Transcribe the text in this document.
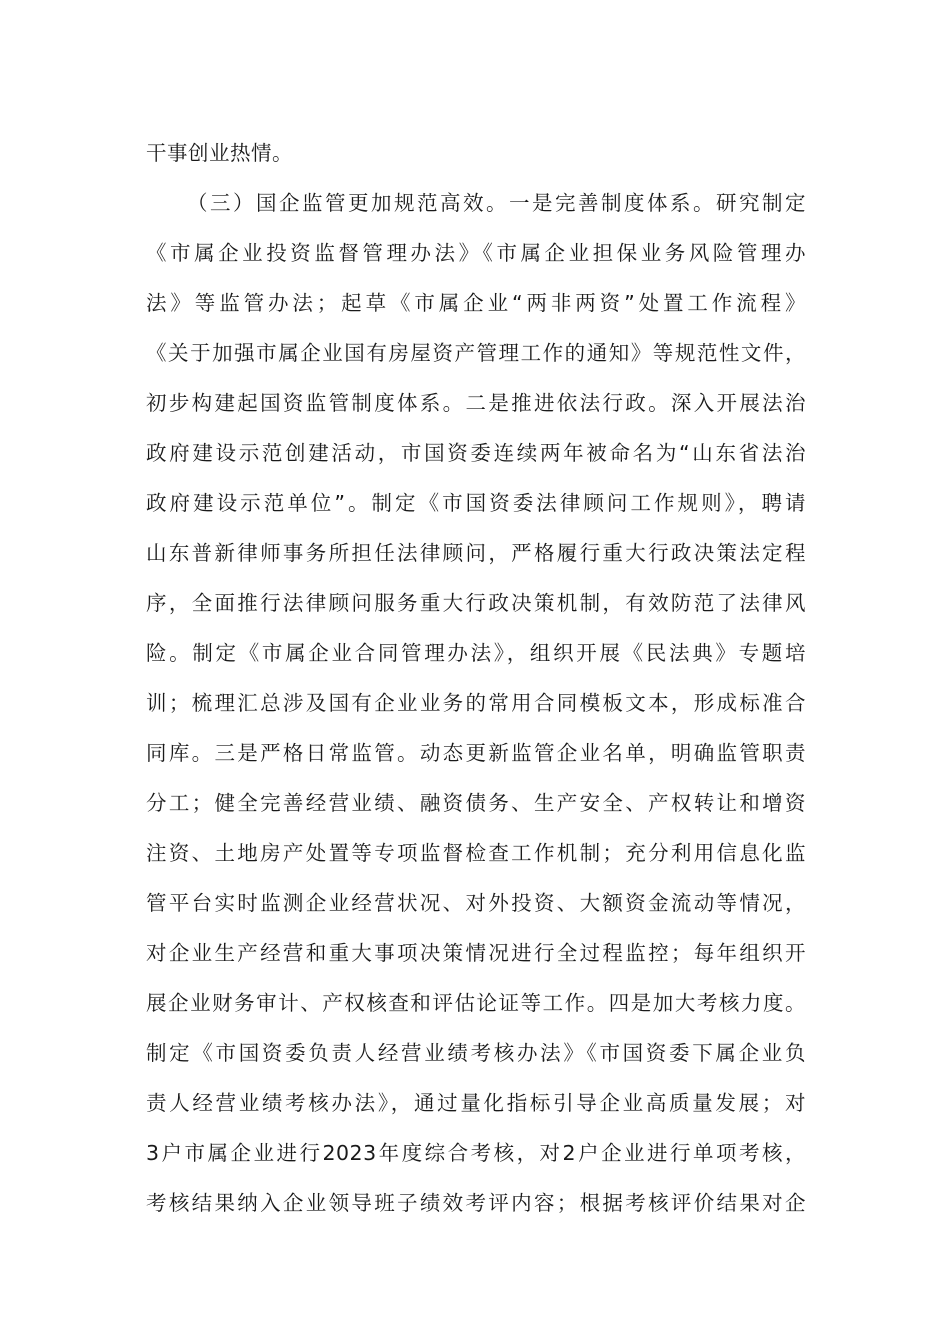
干事创业热情。
（三）国企监管更加规范高效。一是完善制度体系。研究制定
《市属企业投资监督管理办法》《市属企业担保业务风险管理办
法》等监管办法；起草《市属企业“两非两资”处置工作流程》
《关于加强市属企业国有房屋资产管理工作的通知》等规范性文件，
初步构建起国资监管制度体系。二是推进依法行政。深入开展法治
政府建设示范创建活动，市国资委连续两年被命名为“山东省法治
政府建设示范单位”。制定《市国资委法律顾问工作规则》，聘请
山东普新律师事务所担任法律顾问，严格履行重大行政决策法定程
序，全面推行法律顾问服务重大行政决策机制，有效防范了法律风
险。制定《市属企业合同管理办法》，组织开展《民法典》专题培
训；梳理汇总涉及国有企业业务的常用合同模板文本，形成标准合
同库。三是严格日常监管。动态更新监管企业名单，明确监管职责
分工；健全完善经营业绩、融资债务、生产安全、产权转让和增资
注资、土地房产处置等专项监督检查工作机制；充分利用信息化监
管平台实时监测企业经营状况、对外投资、大额资金流动等情况，
对企业生产经营和重大事项决策情况进行全过程监控；每年组织开
展企业财务审计、产权核查和评估论证等工作。四是加大考核力度。
制定《市国资委负责人经营业绩考核办法》《市国资委下属企业负
责人经营业绩考核办法》，通过量化指标引导企业高质量发展；对
3户市属企业进行2023年度综合考核，对2户企业进行单项考核，
考核结果纳入企业领导班子绩效考评内容；根据考核评价结果对企
